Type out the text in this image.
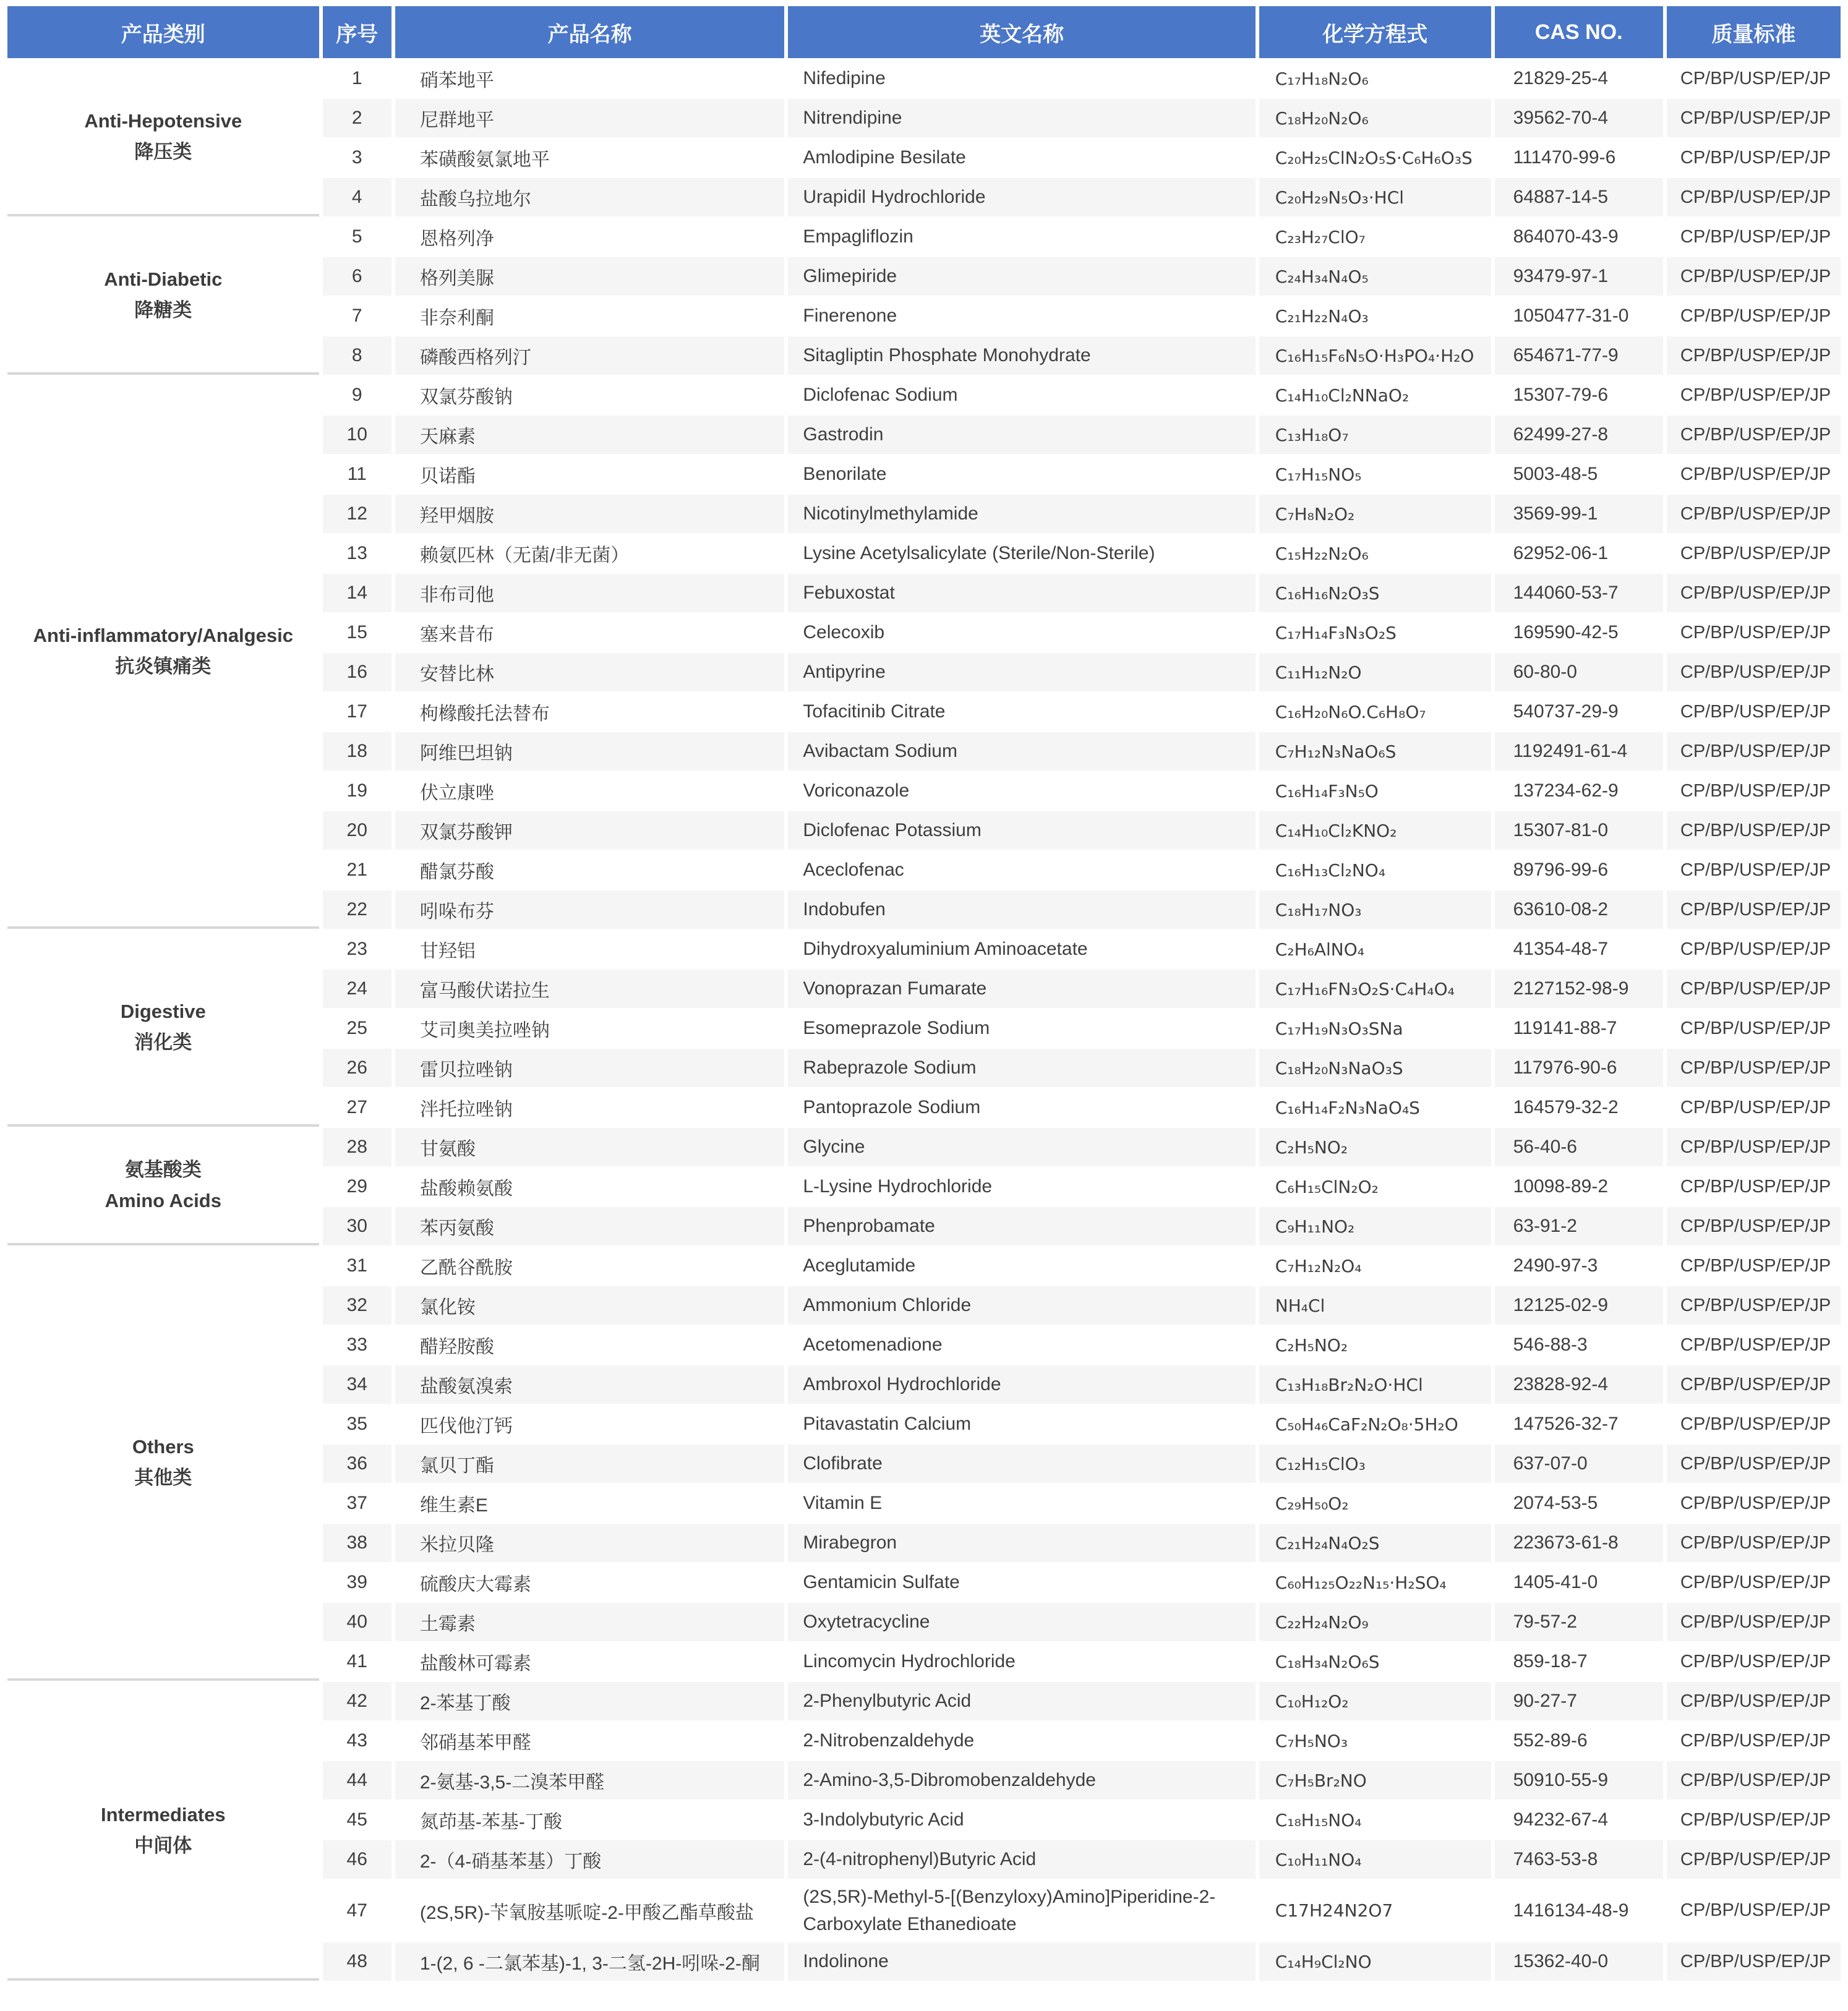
产品类别	序号	产品名称	英文名称	化学方程式	CAS NO.	质量标准

Anti-Hepotensive
降压类	1	硝苯地平	Nifedipine	C₁₇H₁₈N₂O₆	21829-25-4	CP/BP/USP/EP/JP
	2	尼群地平	Nitrendipine	C₁₈H₂₀N₂O₆	39562-70-4	CP/BP/USP/EP/JP
	3	苯磺酸氨氯地平	Amlodipine Besilate	C₂₀H₂₅ClN₂O₅S·C₆H₆O₃S	111470-99-6	CP/BP/USP/EP/JP
	4	盐酸乌拉地尔	Urapidil Hydrochloride	C₂₀H₂₉N₅O₃·HCl	64887-14-5	CP/BP/USP/EP/JP

Anti-Diabetic
降糖类	5	恩格列净	Empagliflozin	C₂₃H₂₇ClO₇	864070-43-9	CP/BP/USP/EP/JP
	6	格列美脲	Glimepiride	C₂₄H₃₄N₄O₅	93479-97-1	CP/BP/USP/EP/JP
	7	非奈利酮	Finerenone	C₂₁H₂₂N₄O₃	1050477-31-0	CP/BP/USP/EP/JP
	8	磷酸西格列汀	Sitagliptin Phosphate Monohydrate	C₁₆H₁₅F₆N₅O·H₃PO₄·H₂O	654671-77-9	CP/BP/USP/EP/JP

Anti-inflammatory/Analgesic
抗炎镇痛类	9	双氯芬酸钠	Diclofenac Sodium	C₁₄H₁₀Cl₂NNaO₂	15307-79-6	CP/BP/USP/EP/JP
	10	天麻素	Gastrodin	C₁₃H₁₈O₇	62499-27-8	CP/BP/USP/EP/JP
	11	贝诺酯	Benorilate	C₁₇H₁₅NO₅	5003-48-5	CP/BP/USP/EP/JP
	12	羟甲烟胺	Nicotinylmethylamide	C₇H₈N₂O₂	3569-99-1	CP/BP/USP/EP/JP
	13	赖氨匹林（无菌/非无菌）	Lysine Acetylsalicylate (Sterile/Non-Sterile)	C₁₅H₂₂N₂O₆	62952-06-1	CP/BP/USP/EP/JP
	14	非布司他	Febuxostat	C₁₆H₁₆N₂O₃S	144060-53-7	CP/BP/USP/EP/JP
	15	塞来昔布	Celecoxib	C₁₇H₁₄F₃N₃O₂S	169590-42-5	CP/BP/USP/EP/JP
	16	安替比林	Antipyrine	C₁₁H₁₂N₂O	60-80-0	CP/BP/USP/EP/JP
	17	枸橼酸托法替布	Tofacitinib Citrate	C₁₆H₂₀N₆O.C₆H₈O₇	540737-29-9	CP/BP/USP/EP/JP
	18	阿维巴坦钠	Avibactam Sodium	C₇H₁₂N₃NaO₆S	1192491-61-4	CP/BP/USP/EP/JP
	19	伏立康唑	Voriconazole	C₁₆H₁₄F₃N₅O	137234-62-9	CP/BP/USP/EP/JP
	20	双氯芬酸钾	Diclofenac Potassium	C₁₄H₁₀Cl₂KNO₂	15307-81-0	CP/BP/USP/EP/JP
	21	醋氯芬酸	Aceclofenac	C₁₆H₁₃Cl₂NO₄	89796-99-6	CP/BP/USP/EP/JP
	22	吲哚布芬	Indobufen	C₁₈H₁₇NO₃	63610-08-2	CP/BP/USP/EP/JP

Digestive
消化类	23	甘羟铝	Dihydroxyaluminium Aminoacetate	C₂H₆AlNO₄	41354-48-7	CP/BP/USP/EP/JP
	24	富马酸伏诺拉生	Vonoprazan Fumarate	C₁₇H₁₆FN₃O₂S·C₄H₄O₄	2127152-98-9	CP/BP/USP/EP/JP
	25	艾司奥美拉唑钠	Esomeprazole Sodium	C₁₇H₁₉N₃O₃SNa	119141-88-7	CP/BP/USP/EP/JP
	26	雷贝拉唑钠	Rabeprazole Sodium	C₁₈H₂₀N₃NaO₃S	117976-90-6	CP/BP/USP/EP/JP
	27	泮托拉唑钠	Pantoprazole Sodium	C₁₆H₁₄F₂N₃NaO₄S	164579-32-2	CP/BP/USP/EP/JP

氨基酸类
Amino Acids	28	甘氨酸	Glycine	C₂H₅NO₂	56-40-6	CP/BP/USP/EP/JP
	29	盐酸赖氨酸	L-Lysine Hydrochloride	C₆H₁₅ClN₂O₂	10098-89-2	CP/BP/USP/EP/JP
	30	苯丙氨酸	Phenprobamate	C₉H₁₁NO₂	63-91-2	CP/BP/USP/EP/JP

Others
其他类	31	乙酰谷酰胺	Aceglutamide	C₇H₁₂N₂O₄	2490-97-3	CP/BP/USP/EP/JP
	32	氯化铵	Ammonium Chloride	NH₄Cl	12125-02-9	CP/BP/USP/EP/JP
	33	醋羟胺酸	Acetomenadione	C₂H₅NO₂	546-88-3	CP/BP/USP/EP/JP
	34	盐酸氨溴索	Ambroxol Hydrochloride	C₁₃H₁₈Br₂N₂O·HCl	23828-92-4	CP/BP/USP/EP/JP
	35	匹伐他汀钙	Pitavastatin Calcium	C₅₀H₄₆CaF₂N₂O₈·5H₂O	147526-32-7	CP/BP/USP/EP/JP
	36	氯贝丁酯	Clofibrate	C₁₂H₁₅ClO₃	637-07-0	CP/BP/USP/EP/JP
	37	维生素E	Vitamin E	C₂₉H₅₀O₂	2074-53-5	CP/BP/USP/EP/JP
	38	米拉贝隆	Mirabegron	C₂₁H₂₄N₄O₂S	223673-61-8	CP/BP/USP/EP/JP
	39	硫酸庆大霉素	Gentamicin Sulfate	C₆₀H₁₂₅O₂₂N₁₅·H₂SO₄	1405-41-0	CP/BP/USP/EP/JP
	40	土霉素	Oxytetracycline	C₂₂H₂₄N₂O₉	79-57-2	CP/BP/USP/EP/JP
	41	盐酸林可霉素	Lincomycin Hydrochloride	C₁₈H₃₄N₂O₆S	859-18-7	CP/BP/USP/EP/JP

Intermediates
中间体	42	2-苯基丁酸	2-Phenylbutyric Acid	C₁₀H₁₂O₂	90-27-7	CP/BP/USP/EP/JP
	43	邻硝基苯甲醛	2-Nitrobenzaldehyde	C₇H₅NO₃	552-89-6	CP/BP/USP/EP/JP
	44	2-氨基-3,5-二溴苯甲醛	2-Amino-3,5-Dibromobenzaldehyde	C₇H₅Br₂NO	50910-55-9	CP/BP/USP/EP/JP
	45	氮茚基-苯基-丁酸	3-Indolybutyric Acid	C₁₈H₁₅NO₄	94232-67-4	CP/BP/USP/EP/JP
	46	2-（4-硝基苯基）丁酸	2-(4-nitrophenyl)Butyric Acid	C₁₀H₁₁NO₄	7463-53-8	CP/BP/USP/EP/JP
	47	(2S,5R)-苄氧胺基哌啶-2-甲酸乙酯草酸盐	(2S,5R)-Methyl-5-[(Benzyloxy)Amino]Piperidine-2-Carboxylate Ethanedioate	C17H24N2O7	1416134-48-9	CP/BP/USP/EP/JP
	48	1-(2, 6 -二氯苯基)-1, 3-二氢-2H-吲哚-2-酮	Indolinone	C₁₄H₉Cl₂NO	15362-40-0	CP/BP/USP/EP/JP
